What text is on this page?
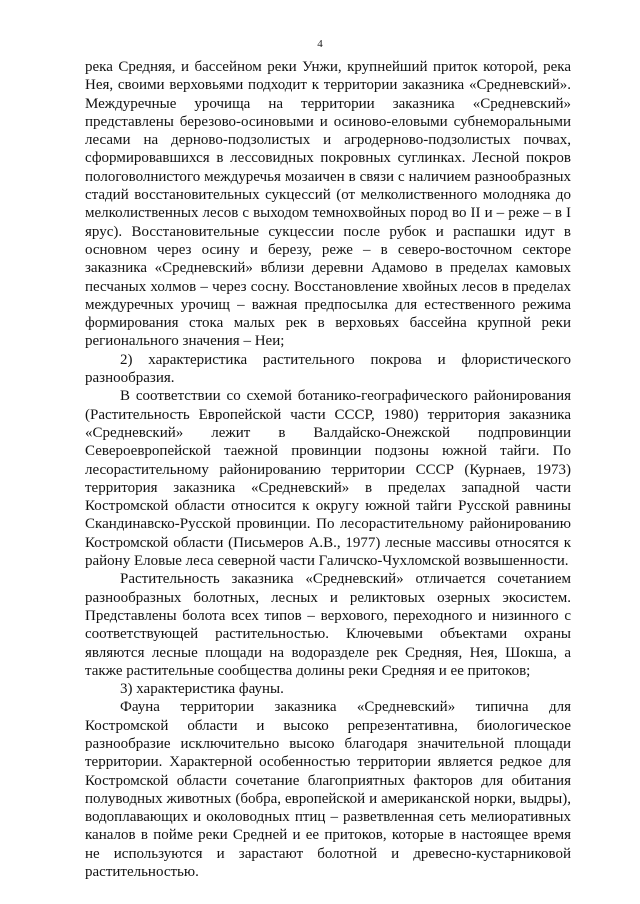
4

река Средняя, и бассейном реки Унжи, крупнейший приток которой, река Нея, своими верховьями подходит к территории заказника «Средневский». Междуречные урочища на территории заказника «Средневский» представлены березово-осиновыми и осиново-еловыми субнеморальными лесами на дерново-подзолистых и агродерново-подзолистых почвах, сформировавшихся в лессовидных покровных суглинках. Лесной покров пологоволнистого междуречья мозаичен в связи с наличием разнообразных стадий восстановительных сукцессий (от мелколиственного молодняка до мелколиственных лесов с выходом темнохвойных пород во II и – реже – в I ярус). Восстановительные сукцессии после рубок и распашки идут в основном через осину и березу, реже – в северо-восточном секторе заказника «Средневский» вблизи деревни Адамово в пределах камовых песчаных холмов – через сосну. Восстановление хвойных лесов в пределах междуречных урочищ – важная предпосылка для естественного режима формирования стока малых рек в верховьях бассейна крупной реки регионального значения – Неи;

2) характеристика растительного покрова и флористического разнообразия.

В соответствии со схемой ботанико-географического районирования (Растительность Европейской части СССР, 1980) территория заказника «Средневский» лежит в Валдайско-Онежской подпровинции Североевропейской таежной провинции подзоны южной тайги. По лесорастительному районированию территории СССР (Курнаев, 1973) территория заказника «Средневский» в пределах западной части Костромской области относится к округу южной тайги Русской равнины Скандинавско-Русской провинции. По лесорастительному районированию Костромской области (Письмеров А.В., 1977) лесные массивы относятся к району Еловые леса северной части Галичско-Чухломской возвышенности.

Растительность заказника «Средневский» отличается сочетанием разнообразных болотных, лесных и реликтовых озерных экосистем. Представлены болота всех типов – верхового, переходного и низинного с соответствующей растительностью. Ключевыми объектами охраны являются лесные площади на водоразделе рек Средняя, Нея, Шокша, а также растительные сообщества долины реки Средняя и ее притоков;

3) характеристика фауны.

Фауна территории заказника «Средневский» типична для Костромской области и высоко репрезентативна, биологическое разнообразие исключительно высоко благодаря значительной площади территории. Характерной особенностью территории является редкое для Костромской области сочетание благоприятных факторов для обитания полуводных животных (бобра, европейской и американской норки, выдры), водоплавающих и околоводных птиц – разветвленная сеть мелиоративных каналов в пойме реки Средней и ее притоков, которые в настоящее время не используются и зарастают болотной и древесно-кустарниковой растительностью.
